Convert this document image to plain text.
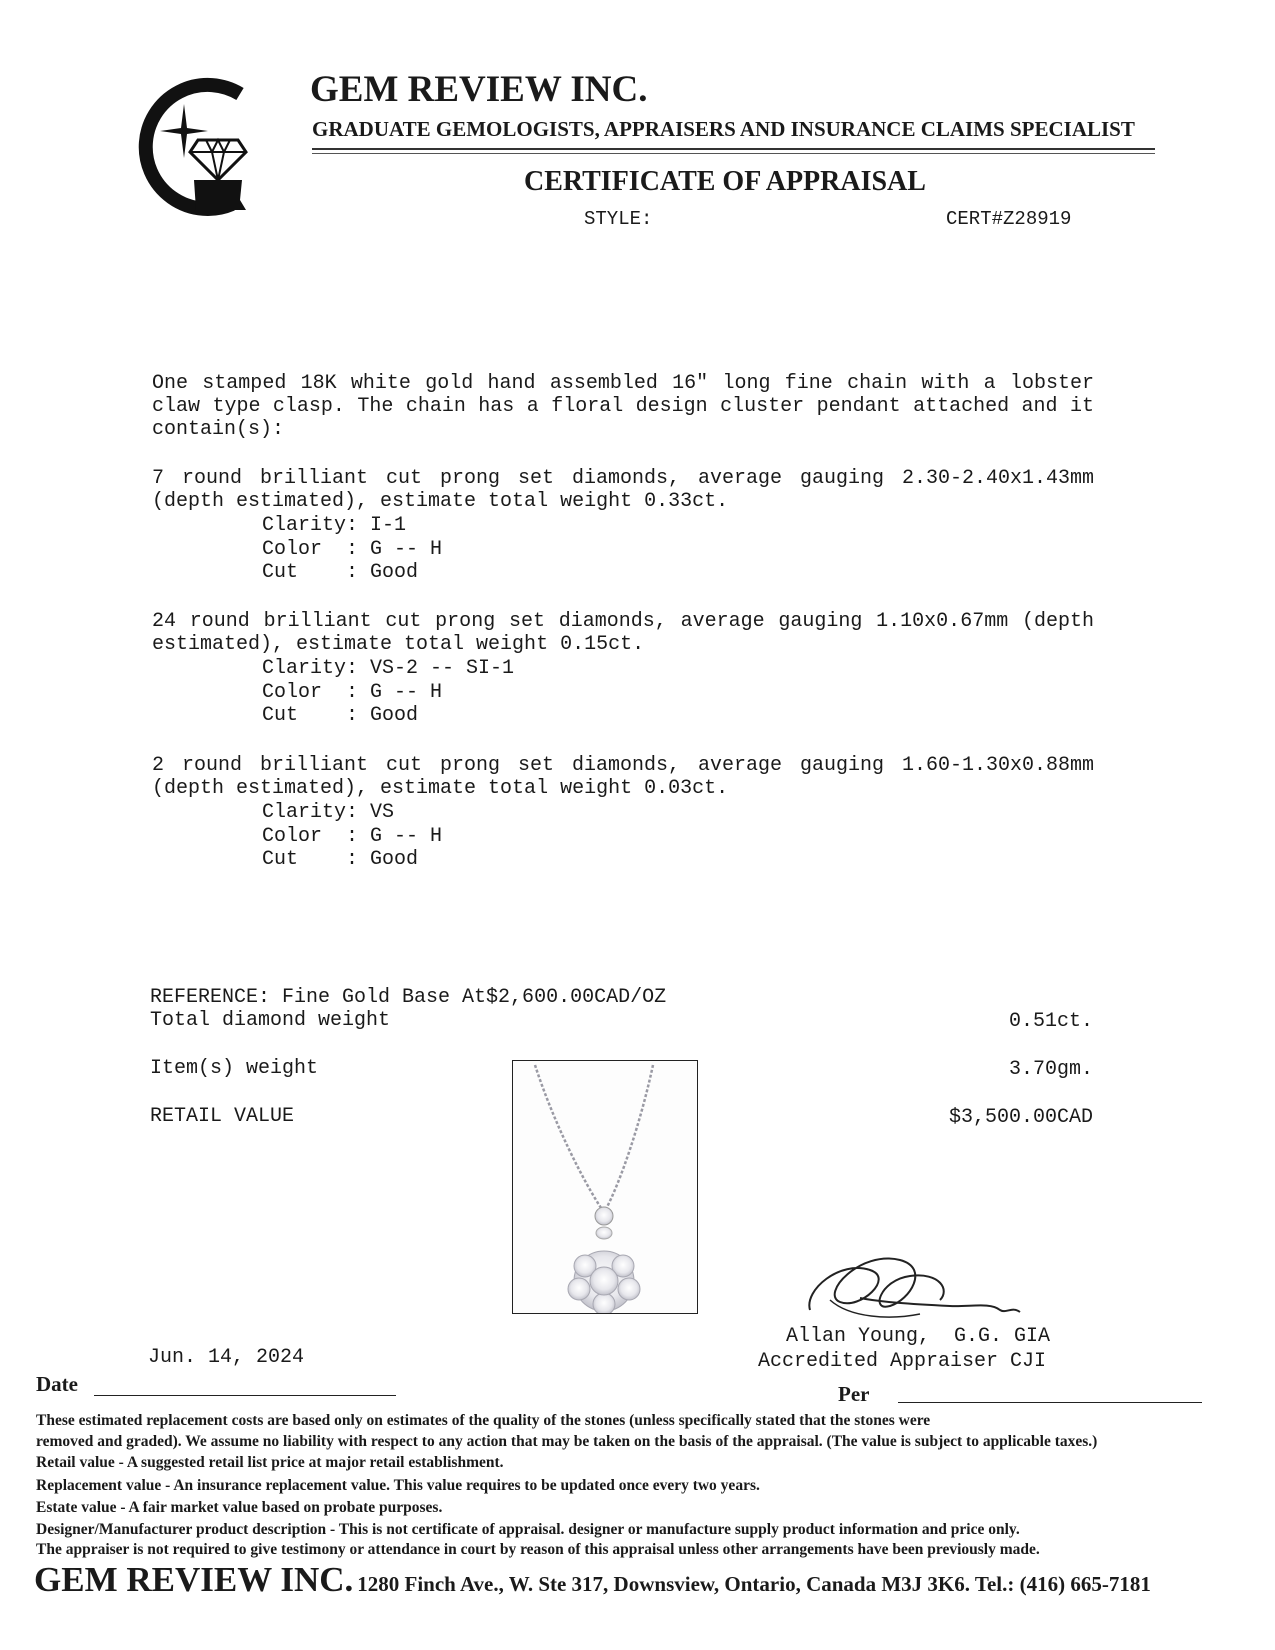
GEM REVIEW INC.
GRADUATE GEMOLOGISTS, APPRAISERS AND INSURANCE CLAIMS SPECIALIST
CERTIFICATE OF APPRAISAL
STYLE:	CERT#Z28919
One stamped 18K white gold hand assembled 16" long fine chain with a lobster claw type clasp. The chain has a floral design cluster pendant attached and it contain(s):
7 round brilliant cut prong set diamonds, average gauging 2.30-2.40x1.43mm (depth estimated), estimate total weight 0.33ct.
Clarity: I-1
Color  : G -- H
Cut    : Good
24 round brilliant cut prong set diamonds, average gauging 1.10x0.67mm (depth estimated), estimate total weight 0.15ct.
Clarity: VS-2 -- SI-1
Color  : G -- H
Cut    : Good
2 round brilliant cut prong set diamonds, average gauging 1.60-1.30x0.88mm (depth estimated), estimate total weight 0.03ct.
Clarity: VS
Color  : G -- H
Cut    : Good
REFERENCE: Fine Gold Base At$2,600.00CAD/OZ
Total diamond weight	0.51ct.
Item(s) weight	3.70gm.
RETAIL VALUE	$3,500.00CAD
Allan Young,  G.G. GIA
Accredited Appraiser CJI
Jun. 14, 2024
Date	Per
These estimated replacement costs are based only on estimates of the quality of the stones (unless specifically stated that the stones were
removed and graded). We assume no liability with respect to any action that may be taken on the basis of the appraisal. (The value is subject to applicable taxes.)
Retail value - A suggested retail list price at major retail establishment.
Replacement value - An insurance replacement value. This value requires to be updated once every two years.
Estate value - A fair market value based on probate purposes.
Designer/Manufacturer product description - This is not certificate of appraisal. designer or manufacture supply product information and price only.
The appraiser is not required to give testimony or attendance in court by reason of this appraisal unless other arrangements have been previously made.
GEM REVIEW INC. 1280 Finch Ave., W. Ste 317, Downsview, Ontario, Canada M3J 3K6. Tel.: (416) 665-7181
